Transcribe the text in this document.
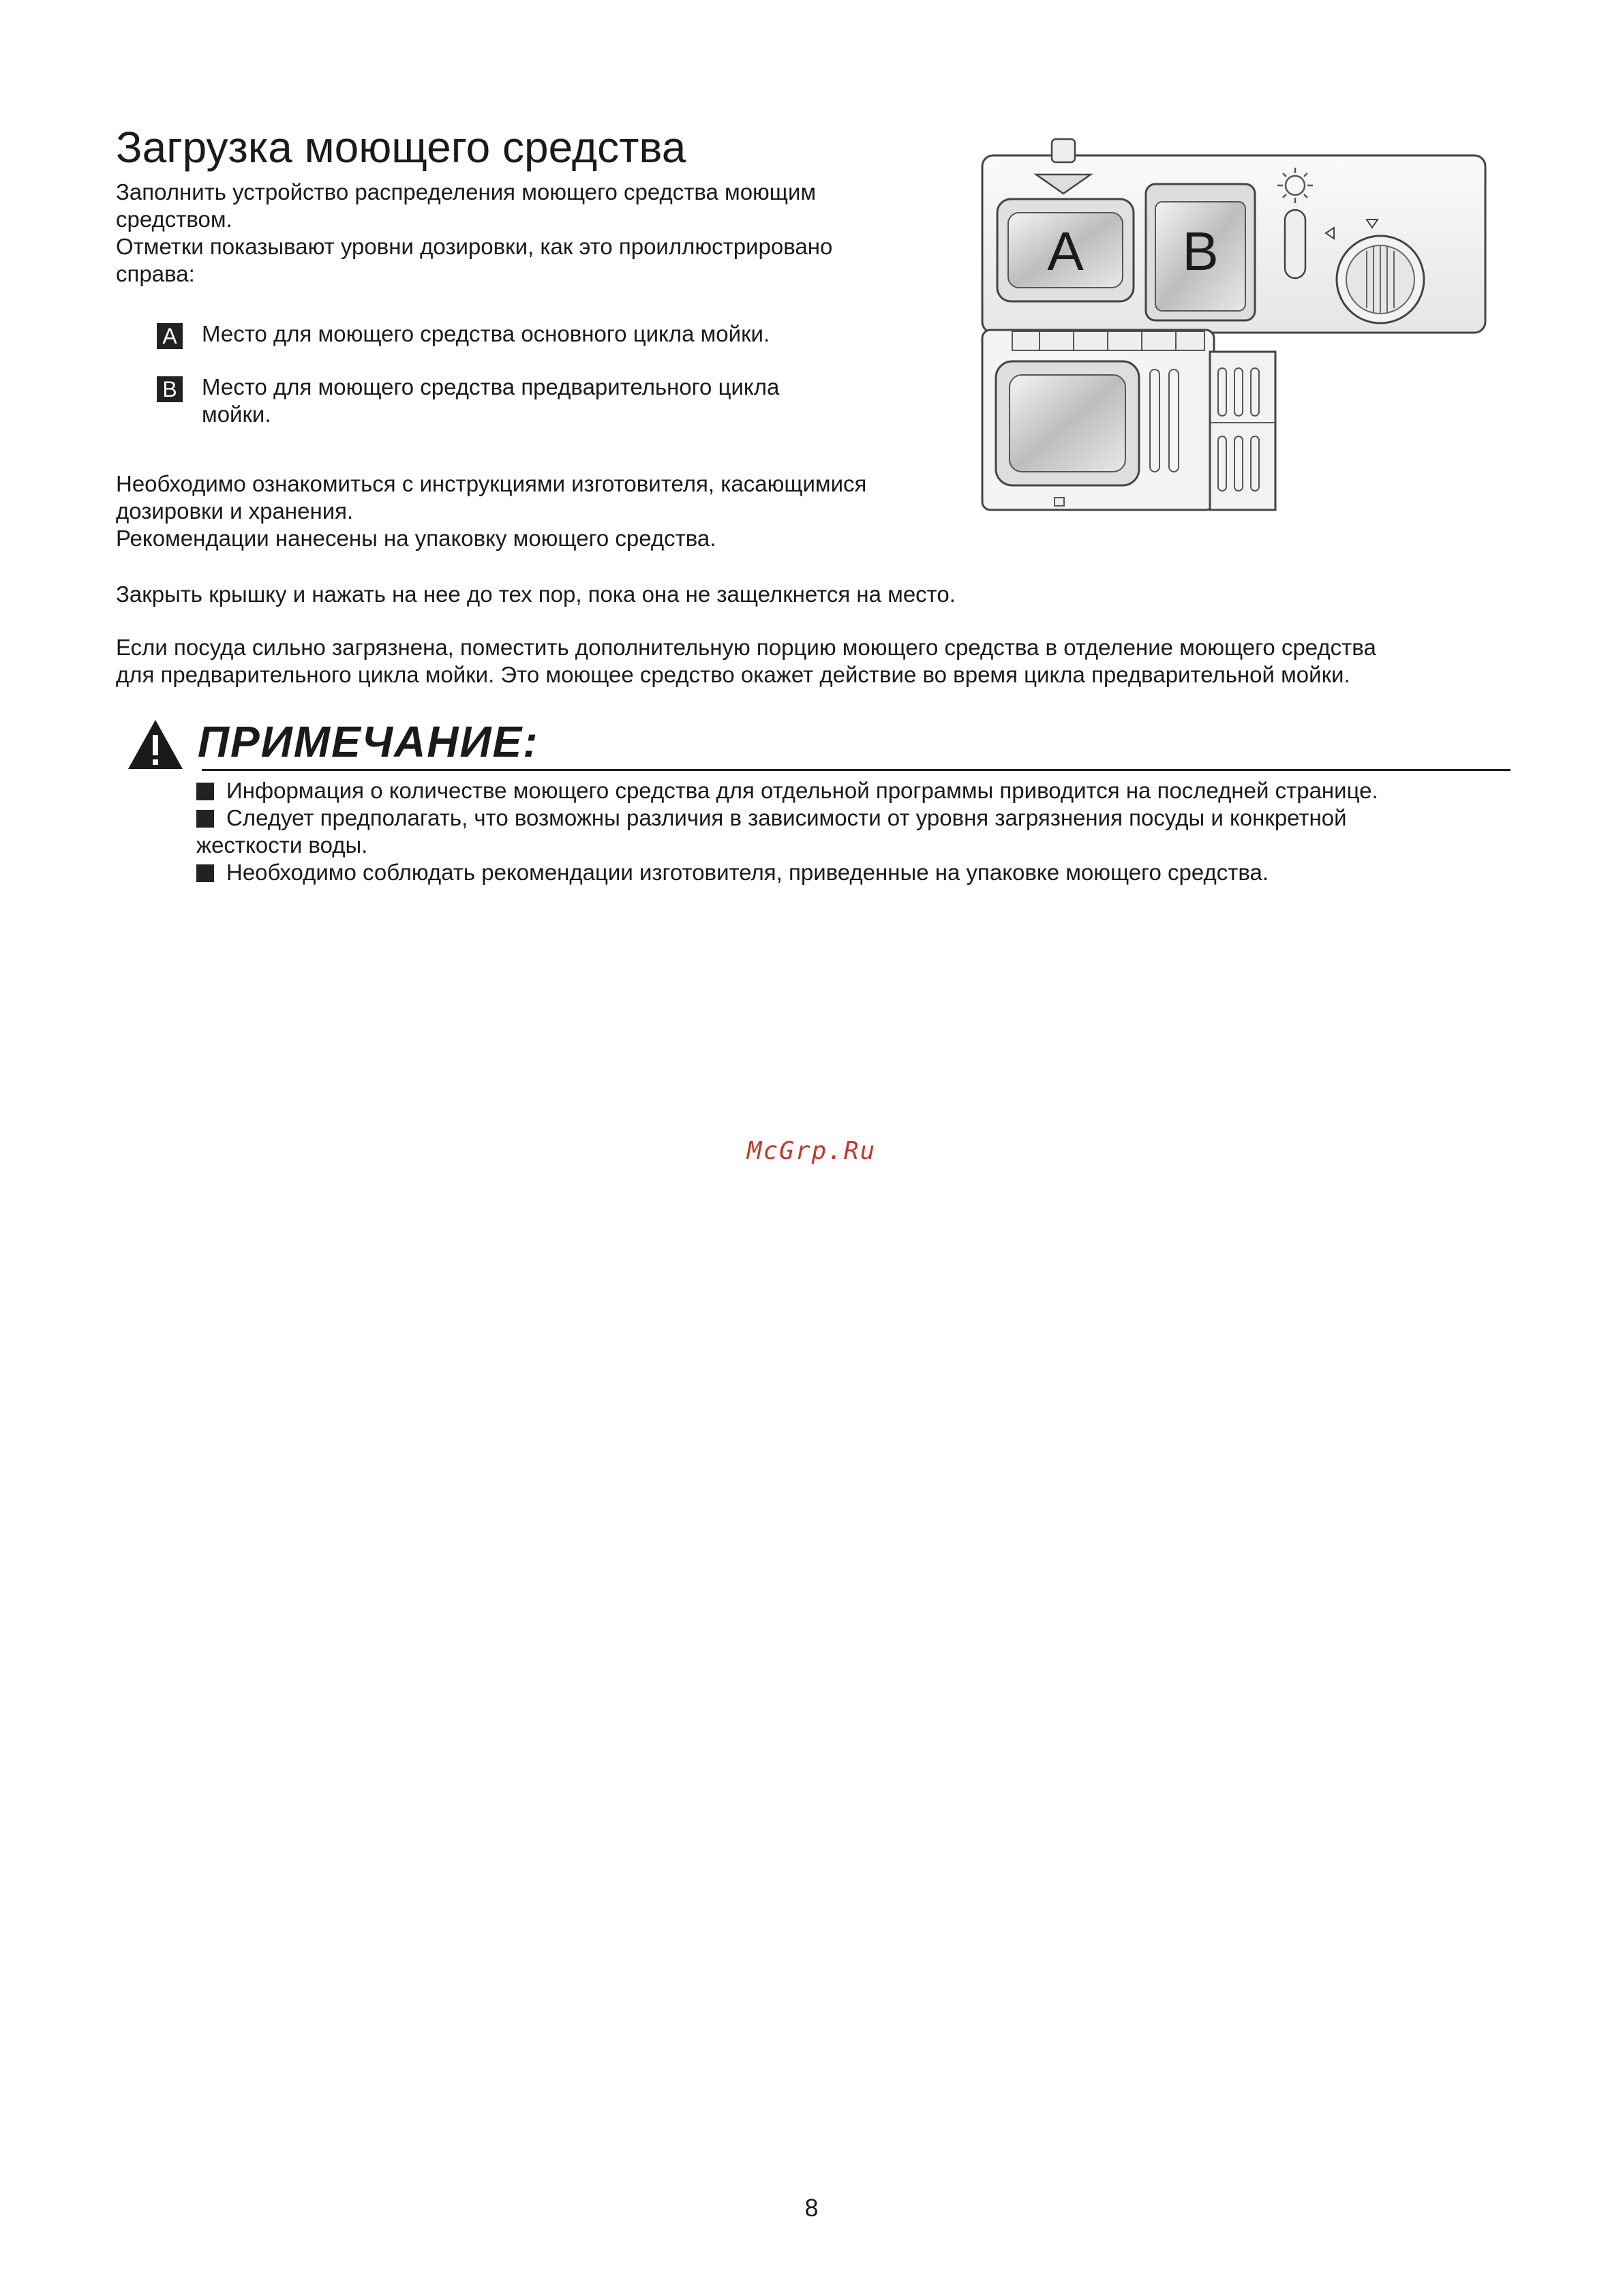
Загрузка моющего средства
Заполнить устройство распределения моющего средства моющим
средством.
Отметки показывают уровни дозировки, как это проиллюстрировано
справа:
A Место для моющего средства основного цикла мойки.
B Место для моющего средства предварительного цикла
мойки.
Необходимо ознакомиться с инструкциями изготовителя, касающимися
дозировки и хранения.
Рекомендации нанесены на упаковку моющего средства.
Закрыть крышку и нажать на нее до тех пор, пока она не защелкнется на место.
Если посуда сильно загрязнена, поместить дополнительную порцию моющего средства в отделение моющего средства
для предварительного цикла мойки. Это моющее средство окажет действие во время цикла предварительной мойки.
ПРИМЕЧАНИЕ:
Информация о количестве моющего средства для отдельной программы приводится на последней странице.
Следует предполагать, что возможны различия в зависимости от уровня загрязнения посуды и конкретной
жесткости воды.
Необходимо соблюдать рекомендации изготовителя, приведенные на упаковке моющего средства.
A B
McGrp.Ru
8
